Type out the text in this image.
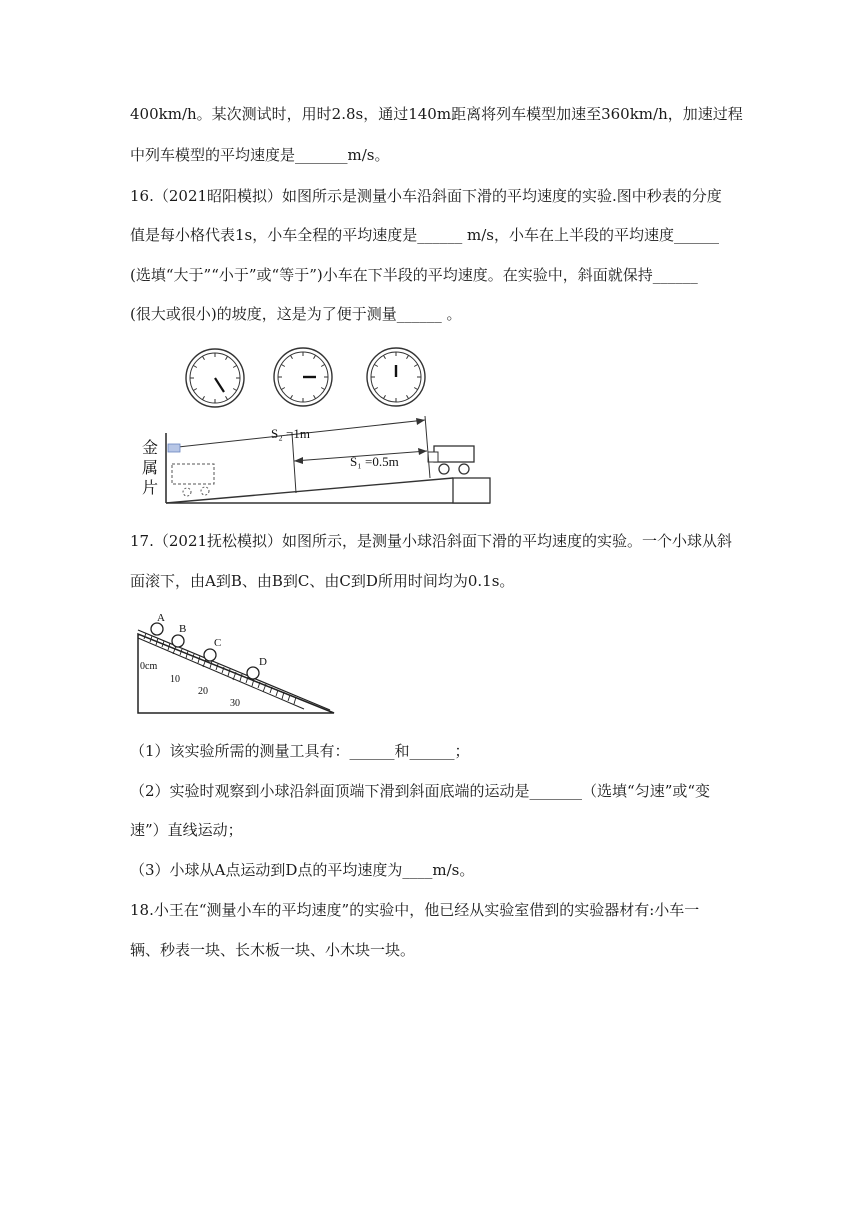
400km/h。某次测试时，用时2.8s，通过140m距离将列车模型加速至360km/h，加速过程
中列车模型的平均速度是_______m/s。
16.（2021昭阳模拟）如图所示是测量小车沿斜面下滑的平均速度的实验.图中秒表的分度
值是每小格代表1s，小车全程的平均速度是______ m/s，小车在上半段的平均速度______
(选填“大于”“小于”或“等于”)小车在下半段的平均速度。在实验中，斜面就保持______
(很大或很小)的坡度，这是为了便于测量______ 。
金
属
片
S₂ =1m
S₁ =0.5m
17.（2021抚松模拟）如图所示，是测量小球沿斜面下滑的平均速度的实验。一个小球从斜
面滚下，由A到B、由B到C、由C到D所用时间均为0.1s。
A
B
C
D
0cm
10
20
30
（1）该实验所需的测量工具有：______和______；
（2）实验时观察到小球沿斜面顶端下滑到斜面底端的运动是_______（选填“匀速”或“变
速”）直线运动；
（3）小球从A点运动到D点的平均速度为____m/s。
18.小王在“测量小车的平均速度”的实验中，他已经从实验室借到的实验器材有:小车一
辆、秒表一块、长木板一块、小木块一块。
